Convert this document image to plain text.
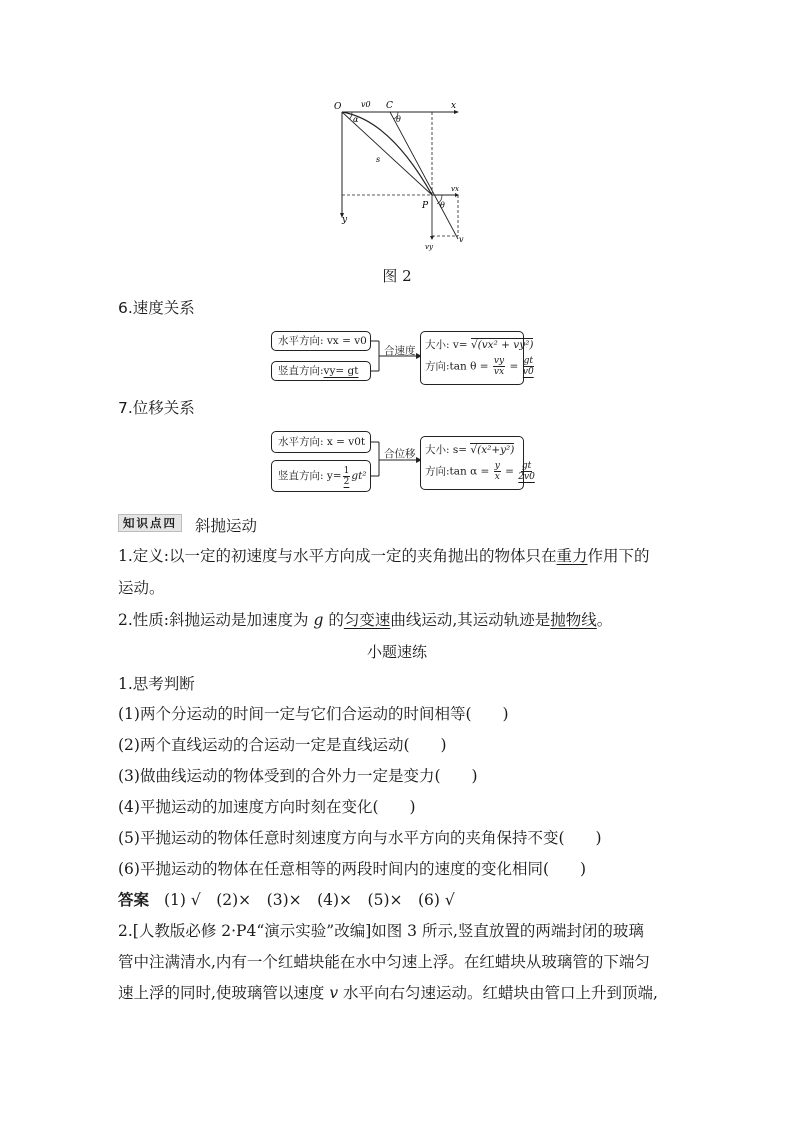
O v0 C	x
α	θ
s
P θ
vx
vy
v
y
图 2
6.速度关系
水平方向: vx = v0
竖直方向: vy= gt
合速度 大小: v= √(vx² + vy²)
方向:tan $\theta = \frac{vy}{vx} = \frac{gt}{v0}$
7.位移关系
水平方向: x = v0t
竖直方向: $y= \frac{1}{2} gt^2$
合位移 大小: s= √(x²+y²)
方向:tan $\alpha = \frac{y}{x} = \frac{gt}{2v0}$
知识点四	斜抛运动
1.定义:以一定的初速度与水平方向成一定的夹角抛出的物体只在重力作用下的
运动。
2.性质:斜抛运动是加速度为 g 的匀变速曲线运动,其运动轨迹是抛物线。
小题速练
1.思考判断
(1)两个分运动的时间一定与它们合运动的时间相等(　　)
(2)两个直线运动的合运动一定是直线运动(　　)
(3)做曲线运动的物体受到的合外力一定是变力(　　)
(4)平抛运动的加速度方向时刻在变化(　　)
(5)平抛运动的物体任意时刻速度方向与水平方向的夹角保持不变(　　)
(6)平抛运动的物体在任意相等的两段时间内的速度的变化相同(　　)
答案 (1) √　(2)×　(3)×　(4)×　(5)×　(6) √
2.[人教版必修 2·P4“演示实验”改编]如图 3 所示,竖直放置的两端封闭的玻璃
管中注满清水,内有一个红蜡块能在水中匀速上浮。在红蜡块从玻璃管的下端匀
速上浮的同时,使玻璃管以速度 v 水平向右匀速运动。红蜡块由管口上升到顶端,
